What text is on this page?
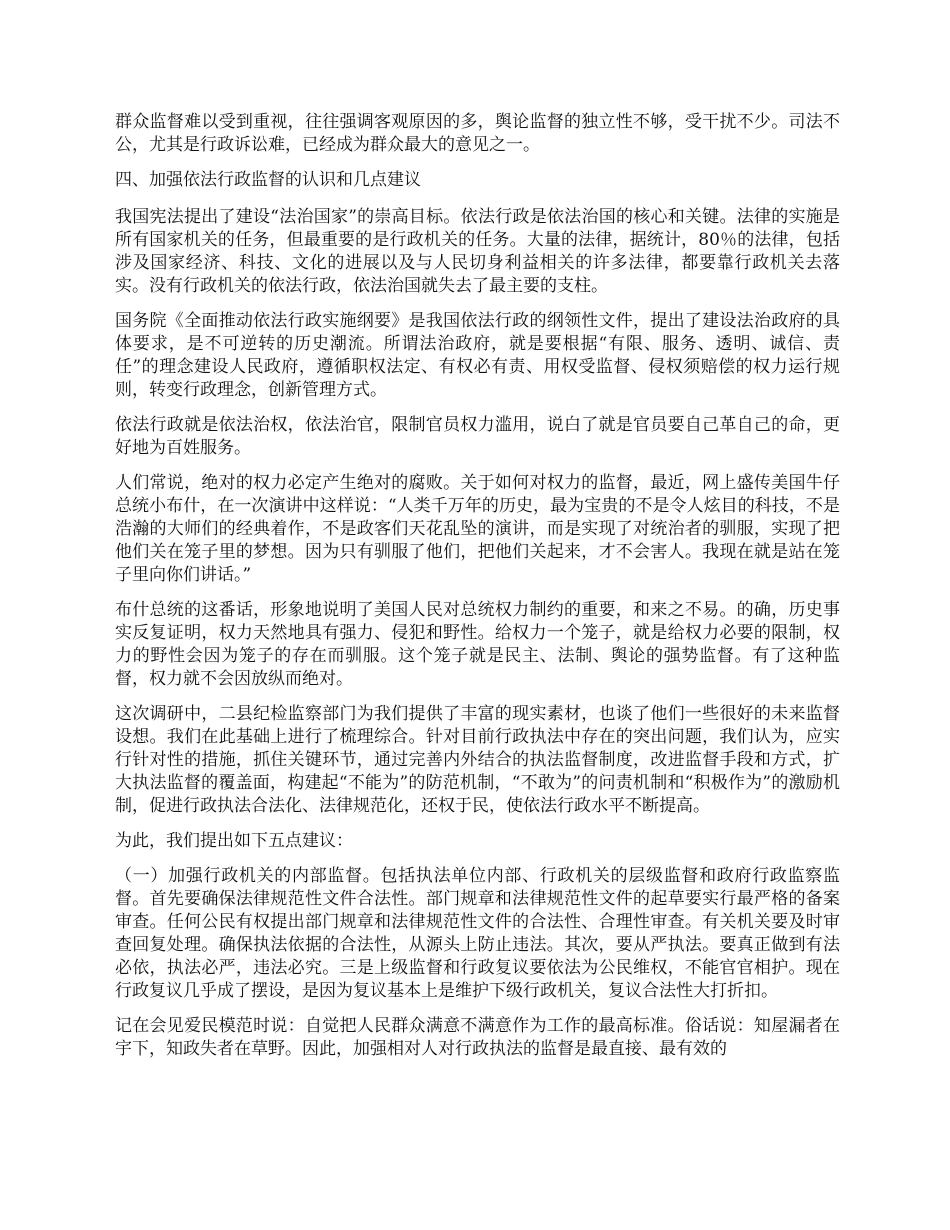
群众监督难以受到重视，往往强调客观原因的多，舆论监督的独立性不够，受干扰不少。司法不公，尤其是行政诉讼难，已经成为群众最大的意见之一。

四、加强依法行政监督的认识和几点建议

我国宪法提出了建设“法治国家”的崇高目标。依法行政是依法治国的核心和关键。法律的实施是所有国家机关的任务，但最重要的是行政机关的任务。大量的法律，据统计，80％的法律，包括涉及国家经济、科技、文化的进展以及与人民切身利益相关的许多法律，都要靠行政机关去落实。没有行政机关的依法行政，依法治国就失去了最主要的支柱。

国务院《全面推动依法行政实施纲要》是我国依法行政的纲领性文件，提出了建设法治政府的具体要求，是不可逆转的历史潮流。所谓法治政府，就是要根据“有限、服务、透明、诚信、责任”的理念建设人民政府，遵循职权法定、有权必有责、用权受监督、侵权须赔偿的权力运行规则，转变行政理念，创新管理方式。

依法行政就是依法治权，依法治官，限制官员权力滥用，说白了就是官员要自己革自己的命，更好地为百姓服务。

人们常说，绝对的权力必定产生绝对的腐败。关于如何对权力的监督，最近，网上盛传美国牛仔总统小布什，在一次演讲中这样说：“人类千万年的历史，最为宝贵的不是令人炫目的科技，不是浩瀚的大师们的经典着作，不是政客们天花乱坠的演讲，而是实现了对统治者的驯服，实现了把他们关在笼子里的梦想。因为只有驯服了他们，把他们关起来，才不会害人。我现在就是站在笼子里向你们讲话。”

布什总统的这番话，形象地说明了美国人民对总统权力制约的重要，和来之不易。的确，历史事实反复证明，权力天然地具有强力、侵犯和野性。给权力一个笼子，就是给权力必要的限制，权力的野性会因为笼子的存在而驯服。这个笼子就是民主、法制、舆论的强势监督。有了这种监督，权力就不会因放纵而绝对。

这次调研中，二县纪检监察部门为我们提供了丰富的现实素材，也谈了他们一些很好的未来监督设想。我们在此基础上进行了梳理综合。针对目前行政执法中存在的突出问题，我们认为，应实行针对性的措施，抓住关键环节，通过完善内外结合的执法监督制度，改进监督手段和方式，扩大执法监督的覆盖面，构建起“不能为”的防范机制，“不敢为”的问责机制和“积极作为”的激励机制，促进行政执法合法化、法律规范化，还权于民，使依法行政水平不断提高。

为此，我们提出如下五点建议：

（一）加强行政机关的内部监督。包括执法单位内部、行政机关的层级监督和政府行政监察监督。首先要确保法律规范性文件合法性。部门规章和法律规范性文件的起草要实行最严格的备案审查。任何公民有权提出部门规章和法律规范性文件的合法性、合理性审查。有关机关要及时审查回复处理。确保执法依据的合法性，从源头上防止违法。其次，要从严执法。要真正做到有法必依，执法必严，违法必究。三是上级监督和行政复议要依法为公民维权，不能官官相护。现在行政复议几乎成了摆设，是因为复议基本上是维护下级行政机关，复议合法性大打折扣。

记在会见爱民模范时说：自觉把人民群众满意不满意作为工作的最高标准。俗话说：知屋漏者在宇下，知政失者在草野。因此，加强相对人对行政执法的监督是最直接、最有效的
